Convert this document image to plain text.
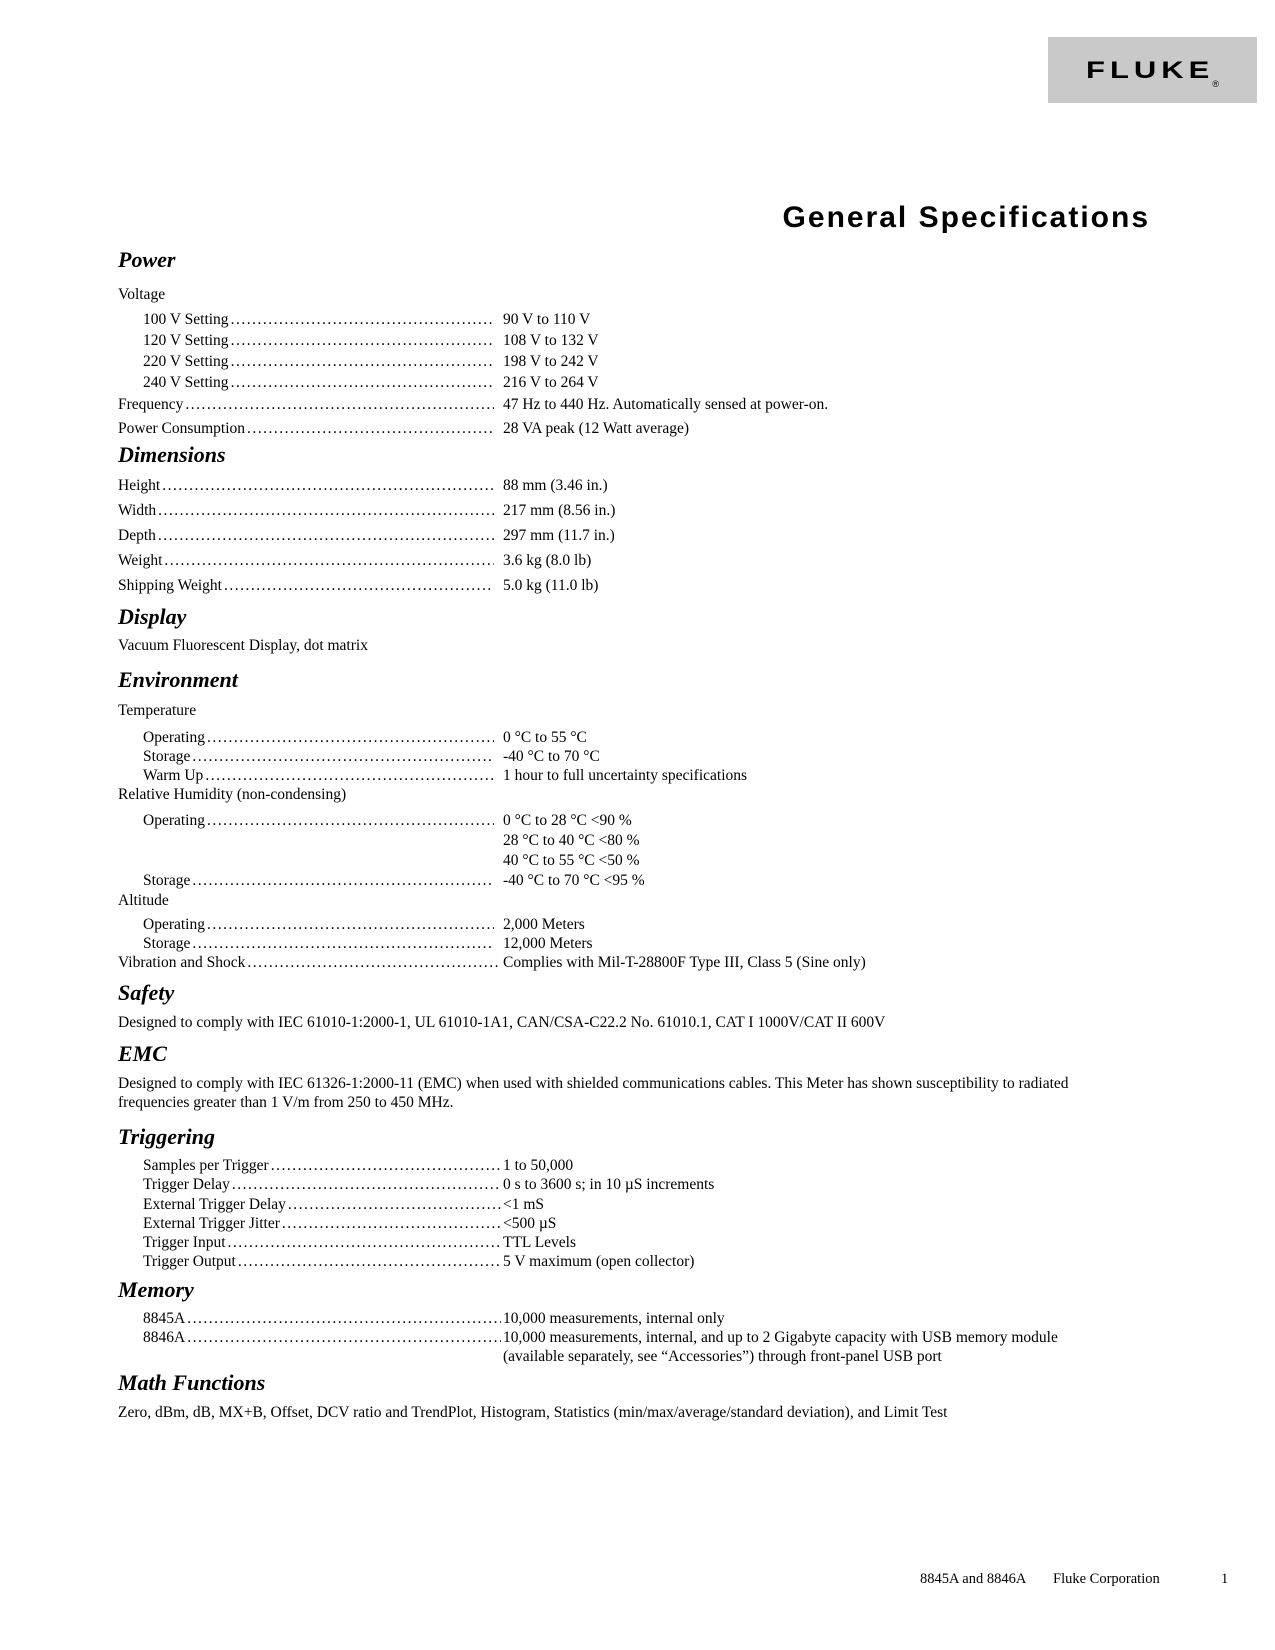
FLUKE
®
General Specifications
Power
Voltage
100 V Setting .....	90 V to 110 V
120 V Setting .....	108 V to 132 V
220 V Setting .....	198 V to 242 V
240 V Setting .....	216 V to 264 V
Frequency .....	47 Hz to 440 Hz. Automatically sensed at power-on.
Power Consumption .....	28 VA peak (12 Watt average)
Dimensions
Height .....	88 mm (3.46 in.)
Width .....	217 mm (8.56 in.)
Depth .....	297 mm (11.7 in.)
Weight .....	3.6 kg (8.0 lb)
Shipping Weight .....	5.0 kg (11.0 lb)
Display
Vacuum Fluorescent Display, dot matrix
Environment
Temperature
Operating .....	0 °C to 55 °C
Storage .....	-40 °C to 70 °C
Warm Up .....	1 hour to full uncertainty specifications
Relative Humidity (non-condensing)
Operating .....	0 °C to 28 °C <90 %
28 °C to 40 °C <80 %
40 °C to 55 °C <50 %
Storage .....	-40 °C to 70 °C <95 %
Altitude
Operating .....	2,000 Meters
Storage .....	12,000 Meters
Vibration and Shock .....	Complies with Mil-T-28800F Type III, Class 5 (Sine only)
Safety
Designed to comply with IEC 61010-1:2000-1, UL 61010-1A1, CAN/CSA-C22.2 No. 61010.1, CAT I 1000V/CAT II 600V
EMC
Designed to comply with IEC 61326-1:2000-11 (EMC) when used with shielded communications cables. This Meter has shown susceptibility to radiated frequencies greater than 1 V/m from 250 to 450 MHz.
Triggering
Samples per Trigger .....	1 to 50,000
Trigger Delay .....	0 s to 3600 s; in 10 µS increments
External Trigger Delay .....	<1 mS
External Trigger Jitter .....	<500 µS
Trigger Input .....	TTL Levels
Trigger Output .....	5 V maximum (open collector)
Memory
8845A .....	10,000 measurements, internal only
8846A .....	10,000 measurements, internal, and up to 2 Gigabyte capacity with USB memory module
(available separately, see “Accessories”) through front-panel USB port
Math Functions
Zero, dBm, dB, MX+B, Offset, DCV ratio and TrendPlot, Histogram, Statistics (min/max/average/standard deviation), and Limit Test
8845A and 8846A Fluke Corporation	1
